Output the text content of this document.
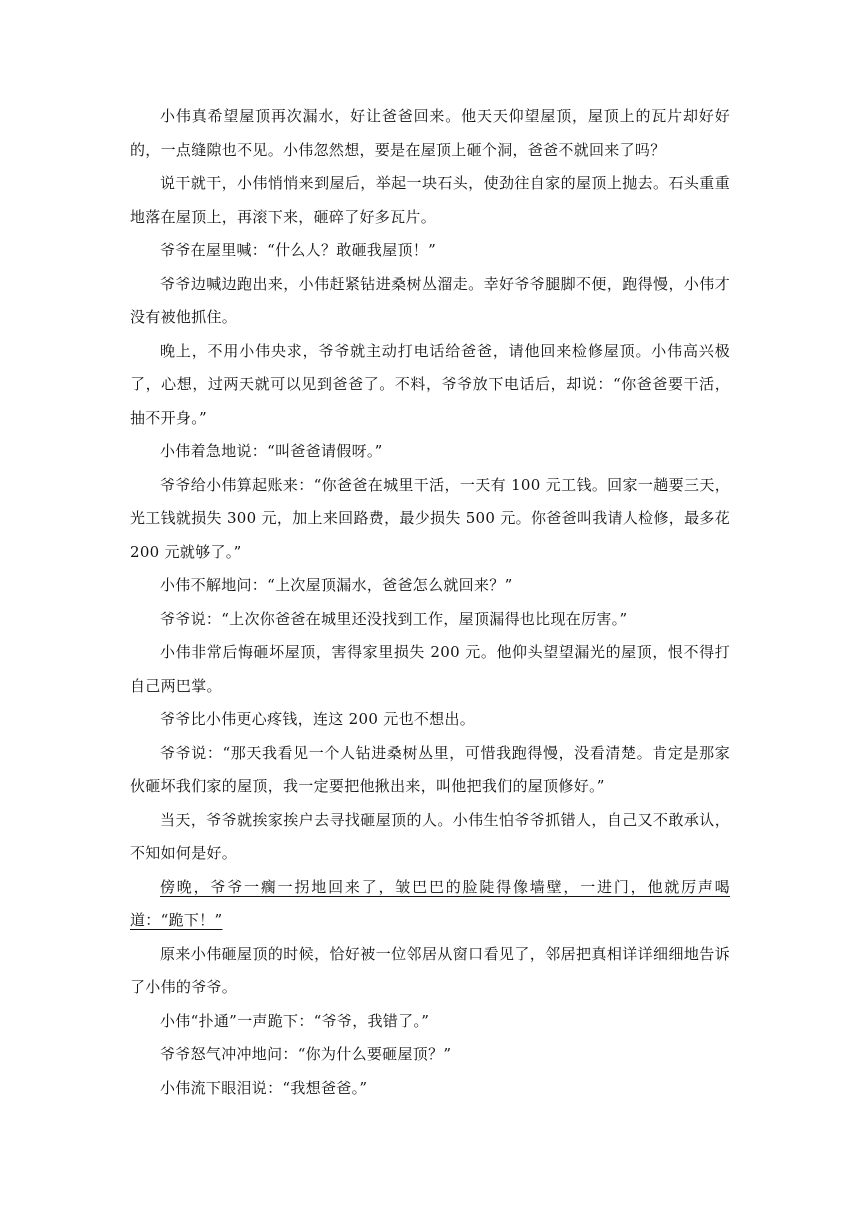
小伟真希望屋顶再次漏水，好让爸爸回来。他天天仰望屋顶，屋顶上的瓦片却好好的，一点缝隙也不见。小伟忽然想，要是在屋顶上砸个洞，爸爸不就回来了吗？

说干就干，小伟悄悄来到屋后，举起一块石头，使劲往自家的屋顶上抛去。石头重重地落在屋顶上，再滚下来，砸碎了好多瓦片。

爷爷在屋里喊：“什么人？敢砸我屋顶！”

爷爷边喊边跑出来，小伟赶紧钻进桑树丛溜走。幸好爷爷腿脚不便，跑得慢，小伟才没有被他抓住。

晚上，不用小伟央求，爷爷就主动打电话给爸爸，请他回来检修屋顶。小伟高兴极了，心想，过两天就可以见到爸爸了。不料，爷爷放下电话后，却说：“你爸爸要干活，抽不开身。”

小伟着急地说：“叫爸爸请假呀。”

爷爷给小伟算起账来：“你爸爸在城里干活，一天有 100 元工钱。回家一趟要三天，光工钱就损失 300 元，加上来回路费，最少损失 500 元。你爸爸叫我请人检修，最多花 200 元就够了。”

小伟不解地问：“上次屋顶漏水，爸爸怎么就回来？”

爷爷说：“上次你爸爸在城里还没找到工作，屋顶漏得也比现在厉害。”

小伟非常后悔砸坏屋顶，害得家里损失 200 元。他仰头望望漏光的屋顶，恨不得打自己两巴掌。

爷爷比小伟更心疼钱，连这 200 元也不想出。

爷爷说：“那天我看见一个人钻进桑树丛里，可惜我跑得慢，没看清楚。肯定是那家伙砸坏我们家的屋顶，我一定要把他揪出来，叫他把我们的屋顶修好。”

当天，爷爷就挨家挨户去寻找砸屋顶的人。小伟生怕爷爷抓错人，自己又不敢承认，不知如何是好。

傍晚，爷爷一瘸一拐地回来了，皱巴巴的脸陡得像墙壁，一进门，他就厉声喝道：“跪下！”

原来小伟砸屋顶的时候，恰好被一位邻居从窗口看见了，邻居把真相详详细细地告诉了小伟的爷爷。

小伟“扑通”一声跪下：“爷爷，我错了。”

爷爷怒气冲冲地问：“你为什么要砸屋顶？”

小伟流下眼泪说：“我想爸爸。”
